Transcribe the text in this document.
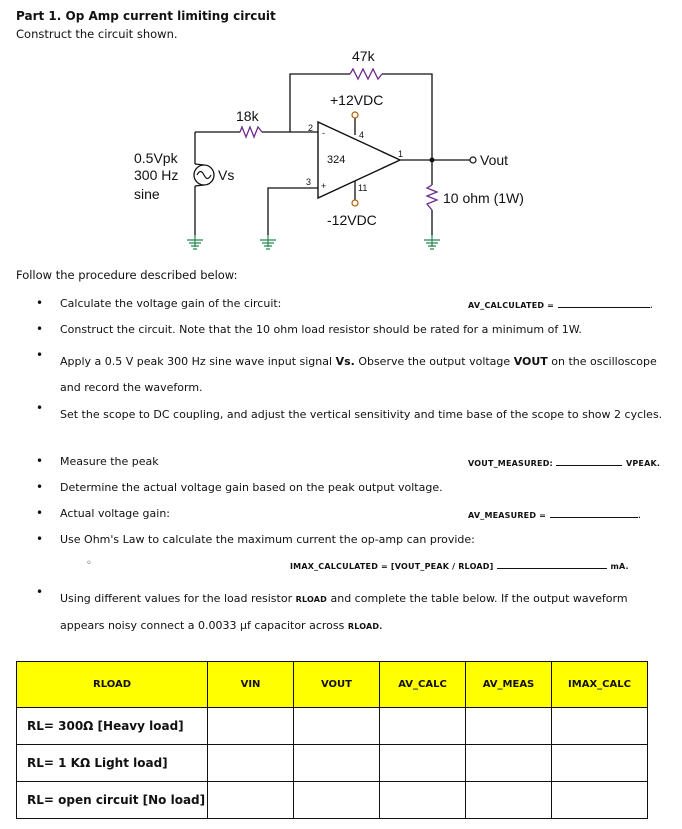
Part 1. Op Amp current limiting circuit
Construct the circuit shown.
47k
+12VDC
18k
2 -	4
324	1
3 +	11
-12VDC
0.5Vpk
300 Hz
sine
Vs
Vout
10 ohm (1W)
Follow the procedure described below:
• Calculate the voltage gain of the circuit:	AV_CALCULATED =	.
• Construct the circuit. Note that the 10 ohm load resistor should be rated for a minimum of 1W.
• Apply a 0.5 V peak 300 Hz sine wave input signal Vs. Observe the output voltage VOUT on the oscilloscope and record the waveform.
• Set the scope to DC coupling, and adjust the vertical sensitivity and time base of the scope to show 2 cycles.
• Measure the peak	VOUT_MEASURED:	VPEAK.
• Determine the actual voltage gain based on the peak output voltage.
• Actual voltage gain:	AV_MEASURED =	.
• Use Ohm's Law to calculate the maximum current the op-amp can provide:
◦	IMAX_CALCULATED = [VOUT_PEAK / RLOAD]	mA.
• Using different values for the load resistor RLOAD and complete the table below. If the output waveform appears noisy connect a 0.0033 µf capacitor across RLOAD.
RLOAD	VIN	VOUT	AV_CALC	AV_MEAS	IMAX_CALC
RL= 300Ω [Heavy load]					
RL= 1 KΩ Light load]					
RL= open circuit [No load]					
